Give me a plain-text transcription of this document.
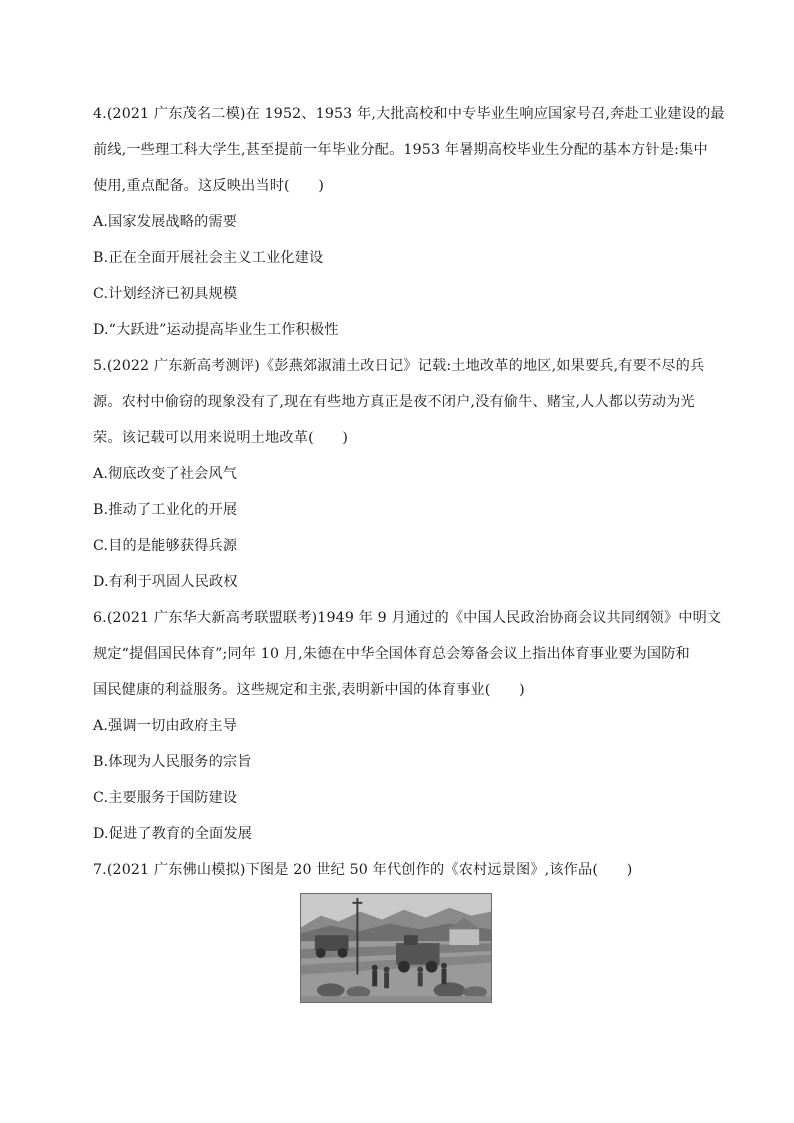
4.(2021 广东茂名二模)在 1952、1953 年,大批高校和中专毕业生响应国家号召,奔赴工业建设的最
前线,一些理工科大学生,甚至提前一年毕业分配。1953 年暑期高校毕业生分配的基本方针是:集中
使用,重点配备。这反映出当时(　　)
A.国家发展战略的需要
B.正在全面开展社会主义工业化建设
C.计划经济已初具规模
D.“大跃进”运动提高毕业生工作积极性
5.(2022 广东新高考测评)《彭燕郊淑浦土改日记》记载:土地改革的地区,如果要兵,有要不尽的兵
源。农村中偷窃的现象没有了,现在有些地方真正是夜不闭户,没有偷牛、赌宝,人人都以劳动为光
荣。该记载可以用来说明土地改革(　　)
A.彻底改变了社会风气
B.推动了工业化的开展
C.目的是能够获得兵源
D.有利于巩固人民政权
6.(2021 广东华大新高考联盟联考)1949 年 9 月通过的《中国人民政治协商会议共同纲领》中明文
规定“提倡国民体育”;同年 10 月,朱德在中华全国体育总会筹备会议上指出体育事业要为国防和
国民健康的利益服务。这些规定和主张,表明新中国的体育事业(　　)
A.强调一切由政府主导
B.体现为人民服务的宗旨
C.主要服务于国防建设
D.促进了教育的全面发展
7.(2021 广东佛山模拟)下图是 20 世纪 50 年代创作的《农村远景图》,该作品(　　)
